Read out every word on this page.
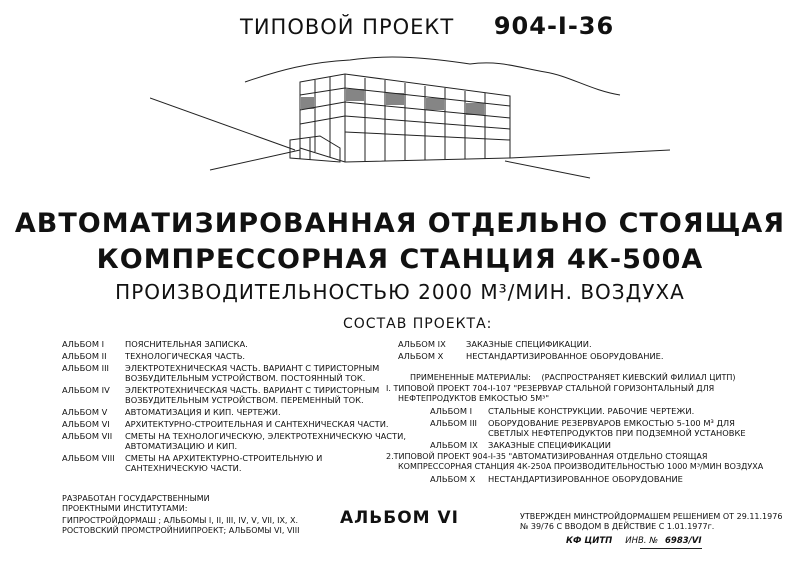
ТИПОВОЙ ПРОЕКТ 904-I-36
АВТОМАТИЗИРОВАННАЯ ОТДЕЛЬНО СТОЯЩАЯ
КОМПРЕССОРНАЯ СТАНЦИЯ 4К-500А
ПРОИЗВОДИТЕЛЬНОСТЬЮ 2000 М³/МИН. ВОЗДУХА
СОСТАВ ПРОЕКТА:
АЛЬБОМ I	ПОЯСНИТЕЛЬНАЯ ЗАПИСКА.
АЛЬБОМ II ТЕХНОЛОГИЧЕСКАЯ ЧАСТЬ.
АЛЬБОМ III ЭЛЕКТРОТЕХНИЧЕСКАЯ ЧАСТЬ. ВАРИАНТ С ТИРИСТОРНЫМ
ВОЗБУДИТЕЛЬНЫМ УСТРОЙСТВОМ. ПОСТОЯННЫЙ ТОК.
АЛЬБОМ IV ЭЛЕКТРОТЕХНИЧЕСКАЯ ЧАСТЬ. ВАРИАНТ С ТИРИСТОРНЫМ
ВОЗБУДИТЕЛЬНЫМ УСТРОЙСТВОМ. ПЕРЕМЕННЫЙ ТОК.
АЛЬБОМ V АВТОМАТИЗАЦИЯ И КИП. ЧЕРТЕЖИ.
АЛЬБОМ VI АРХИТЕКТУРНО-СТРОИТЕЛЬНАЯ И САНТЕХНИЧЕСКАЯ ЧАСТИ.
АЛЬБОМ VII СМЕТЫ НА ТЕХНОЛОГИЧЕСКУЮ, ЭЛЕКТРОТЕХНИЧЕСКУЮ ЧАСТИ,
АВТОМАТИЗАЦИЮ И КИП.
АЛЬБОМ VIII СМЕТЫ НА АРХИТЕКТУРНО-СТРОИТЕЛЬНУЮ И
САНТЕХНИЧЕСКУЮ ЧАСТИ.
АЛЬБОМ IX ЗАКАЗНЫЕ СПЕЦИФИКАЦИИ.
АЛЬБОМ X	НЕСТАНДАРТИЗИРОВАННОЕ ОБОРУДОВАНИЕ.
ПРИМЕНЕННЫЕ МАТЕРИАЛЫ: (РАСПРОСТРАНЯЕТ КИЕВСКИЙ ФИЛИАЛ ЦИТП)
I. ТИПОВОЙ ПРОЕКТ 704-I-107 "РЕЗЕРВУАР СТАЛЬНОЙ ГОРИЗОНТАЛЬНЫЙ ДЛЯ
НЕФТЕПРОДУКТОВ ЕМКОСТЬЮ 5М³"
АЛЬБОМ I СТАЛЬНЫЕ КОНСТРУКЦИИ. РАБОЧИЕ ЧЕРТЕЖИ.
АЛЬБОМ III ОБОРУДОВАНИЕ РЕЗЕРВУАРОВ ЕМКОСТЬЮ 5-100 М³ ДЛЯ
СВЕТЛЫХ НЕФТЕПРОДУКТОВ ПРИ ПОДЗЕМНОЙ УСТАНОВКЕ
АЛЬБОМ IX ЗАКАЗНЫЕ СПЕЦИФИКАЦИИ
2.ТИПОВОЙ ПРОЕКТ 904-I-35 "АВТОМАТИЗИРОВАННАЯ ОТДЕЛЬНО СТОЯЩАЯ
КОМПРЕССОРНАЯ СТАНЦИЯ 4К-250А ПРОИЗВОДИТЕЛЬНОСТЬЮ 1000 М³/МИН ВОЗДУХА
АЛЬБОМ X НЕСТАНДАРТИЗИРОВАННОЕ ОБОРУДОВАНИЕ
РАЗРАБОТАН ГОСУДАРСТВЕННЫМИ
ПРОЕКТНЫМИ ИНСТИТУТАМИ:
ГИПРОСТРОЙДОРМАШ ; АЛЬБОМЫ I, II, III, IV, V, VII, IX, X.
РОСТОВСКИЙ ПРОМСТРОЙНИИПРОЕКТ; АЛЬБОМЫ VI, VIII
АЛЬБОМ VI	УТВЕРЖДЕН МИНСТРОЙДОРМАШЕМ РЕШЕНИЕМ ОТ 29.11.1976
№ 39/76 С ВВОДОМ В ДЕЙСТВИЕ С 1.01.1977г.
КФ ЦИТП ИНВ. № 6983/VI
